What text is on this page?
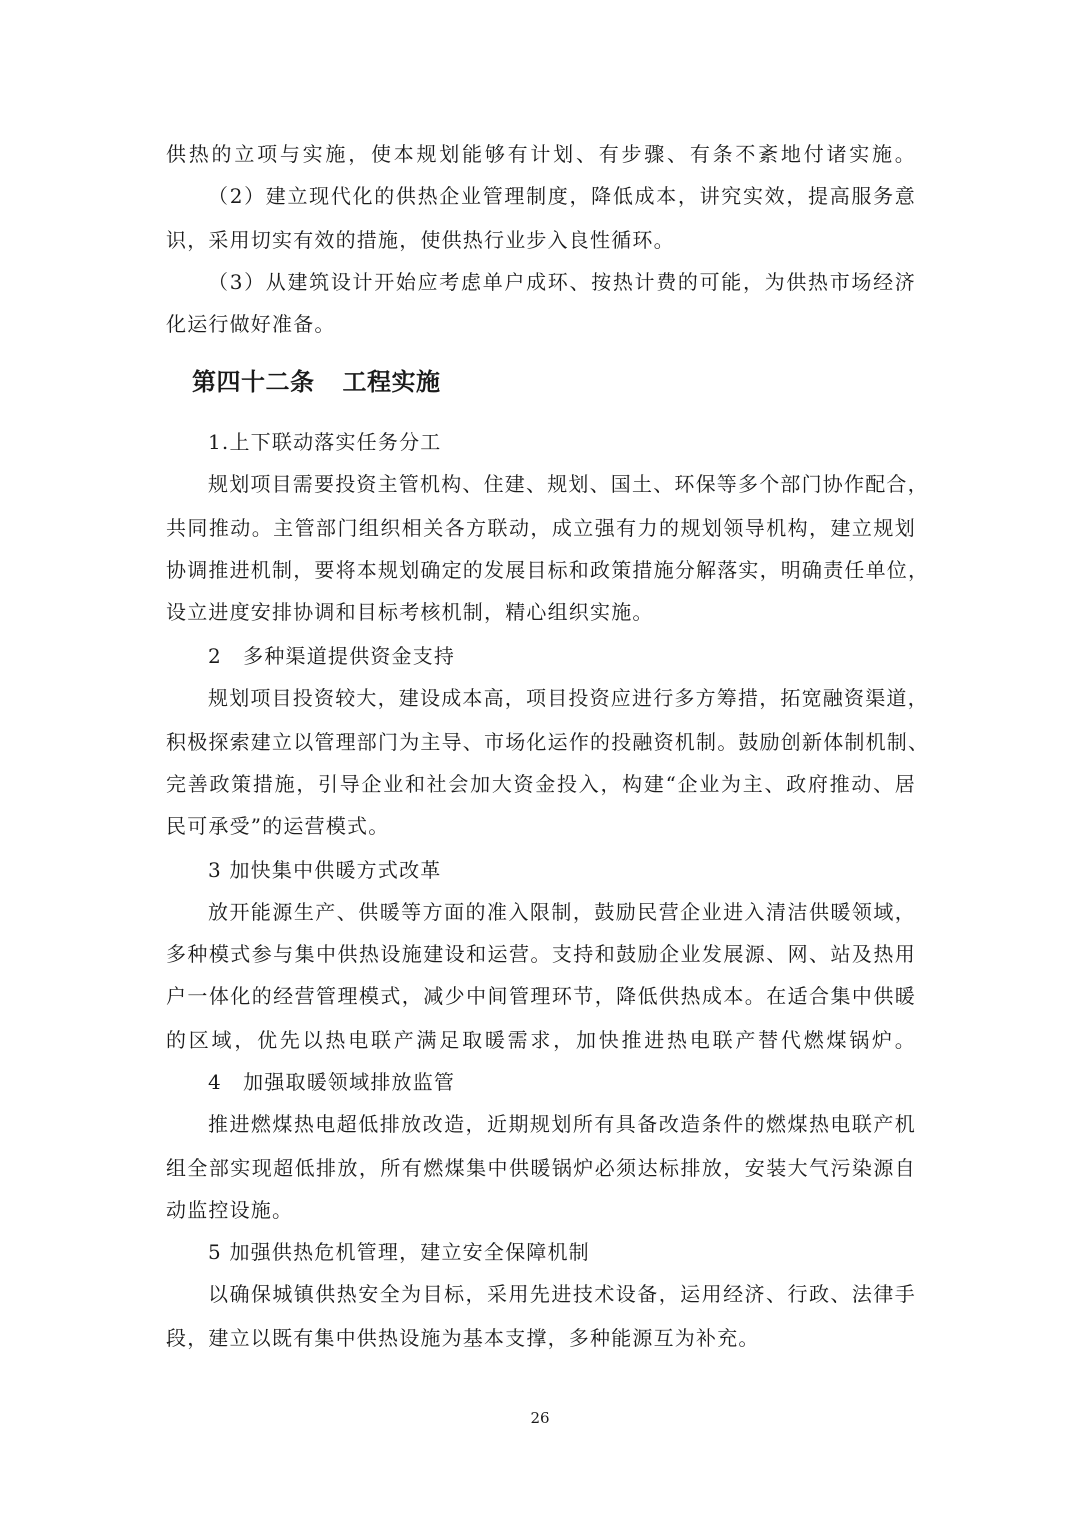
供热的立项与实施，使本规划能够有计划、有步骤、有条不紊地付诸实施。
（2）建立现代化的供热企业管理制度，降低成本，讲究实效，提高服务意
识，采用切实有效的措施，使供热行业步入良性循环。
（3）从建筑设计开始应考虑单户成环、按热计费的可能，为供热市场经济
化运行做好准备。
第四十二条 工程实施
1.上下联动落实任务分工
规划项目需要投资主管机构、住建、规划、国土、环保等多个部门协作配合，
共同推动。主管部门组织相关各方联动，成立强有力的规划领导机构，建立规划
协调推进机制，要将本规划确定的发展目标和政策措施分解落实，明确责任单位，
设立进度安排协调和目标考核机制，精心组织实施。
2　多种渠道提供资金支持
规划项目投资较大，建设成本高，项目投资应进行多方筹措，拓宽融资渠道，
积极探索建立以管理部门为主导、市场化运作的投融资机制。鼓励创新体制机制、
完善政策措施，引导企业和社会加大资金投入，构建“企业为主、政府推动、居
民可承受”的运营模式。
3 加快集中供暖方式改革
放开能源生产、供暖等方面的准入限制，鼓励民营企业进入清洁供暖领域，
多种模式参与集中供热设施建设和运营。支持和鼓励企业发展源、网、站及热用
户一体化的经营管理模式，减少中间管理环节，降低供热成本。在适合集中供暖
的区域，优先以热电联产满足取暖需求，加快推进热电联产替代燃煤锅炉。
4　加强取暖领域排放监管
推进燃煤热电超低排放改造，近期规划所有具备改造条件的燃煤热电联产机
组全部实现超低排放，所有燃煤集中供暖锅炉必须达标排放，安装大气污染源自
动监控设施。
5 加强供热危机管理，建立安全保障机制
以确保城镇供热安全为目标，采用先进技术设备，运用经济、行政、法律手
段，建立以既有集中供热设施为基本支撑，多种能源互为补充。
26
